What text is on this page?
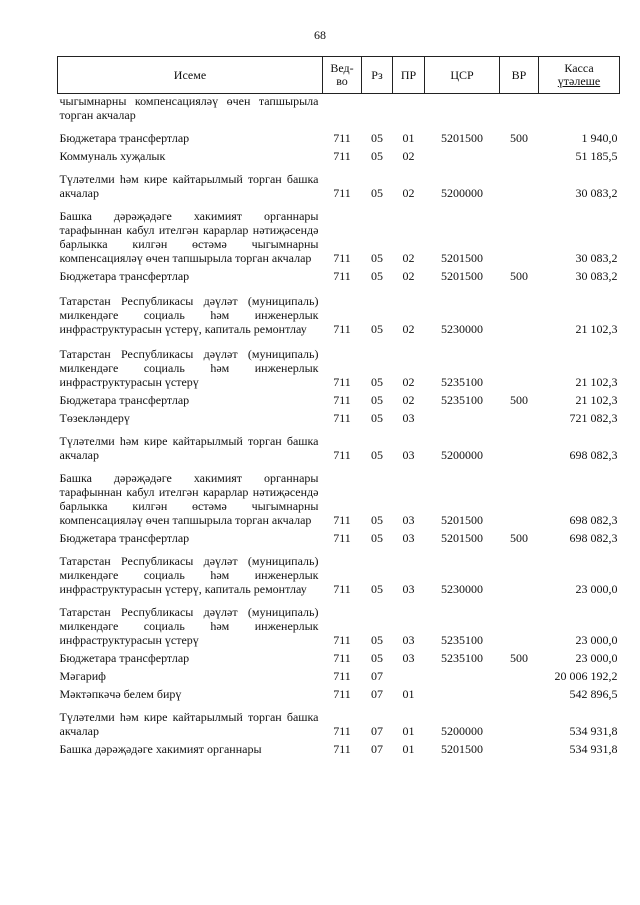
68
Исеме	Вед-во	Рз	ПР	ЦСР	ВР	Касса
үтәлеше
чыгымнарны компенсацияләү өчен тапшырыла торган акчалар						
Бюджетара трансфертлар	711	05	01	5201500	500	1 940,0
Коммуналь хуҗалык	711	05	02			51 185,5
Түләтелми һәм кире кайтарылмый торган башка акчалар	711	05	02	5200000		30 083,2
Башка дәрәҗәдәге хакимият органнары тарафыннан кабул ителгән карарлар нәтиҗәсендә барлыкка килгән өстәмә чыгымнарны компенсацияләү өчен тапшырыла торган акчалар	711	05	02	5201500		30 083,2
Бюджетара трансфертлар	711	05	02	5201500	500	30 083,2
Татарстан Республикасы дәүләт (муниципаль) милкендәге социаль һәм инженерлык инфраструктурасын үстерү, капиталь ремонтлау	711	05	02	5230000		21 102,3
Татарстан Республикасы дәүләт (муниципаль) милкендәге социаль һәм инженерлык инфраструктурасын үстерү	711	05	02	5235100		21 102,3
Бюджетара трансфертлар	711	05	02	5235100	500	21 102,3
Төзекләндерү	711	05	03			721 082,3
Түләтелми һәм кире кайтарылмый торган башка акчалар	711	05	03	5200000		698 082,3
Башка дәрәҗәдәге хакимият органнары тарафыннан кабул ителгән карарлар нәтиҗәсендә барлыкка килгән өстәмә чыгымнарны компенсацияләү өчен тапшырыла торган акчалар	711	05	03	5201500		698 082,3
Бюджетара трансфертлар	711	05	03	5201500	500	698 082,3
Татарстан Республикасы дәүләт (муниципаль) милкендәге социаль һәм инженерлык инфраструктурасын үстерү, капиталь ремонтлау	711	05	03	5230000		23 000,0
Татарстан Республикасы дәүләт (муниципаль) милкендәге социаль һәм инженерлык инфраструктурасын үстерү	711	05	03	5235100		23 000,0
Бюджетара трансфертлар	711	05	03	5235100	500	23 000,0
Мәгариф	711	07				20 006 192,2
Мәктәпкәчә белем бирү	711	07	01			542 896,5
Түләтелми һәм кире кайтарылмый торган башка акчалар	711	07	01	5200000		534 931,8
Башка дәрәҗәдәге хакимият органнары	711	07	01	5201500		534 931,8
